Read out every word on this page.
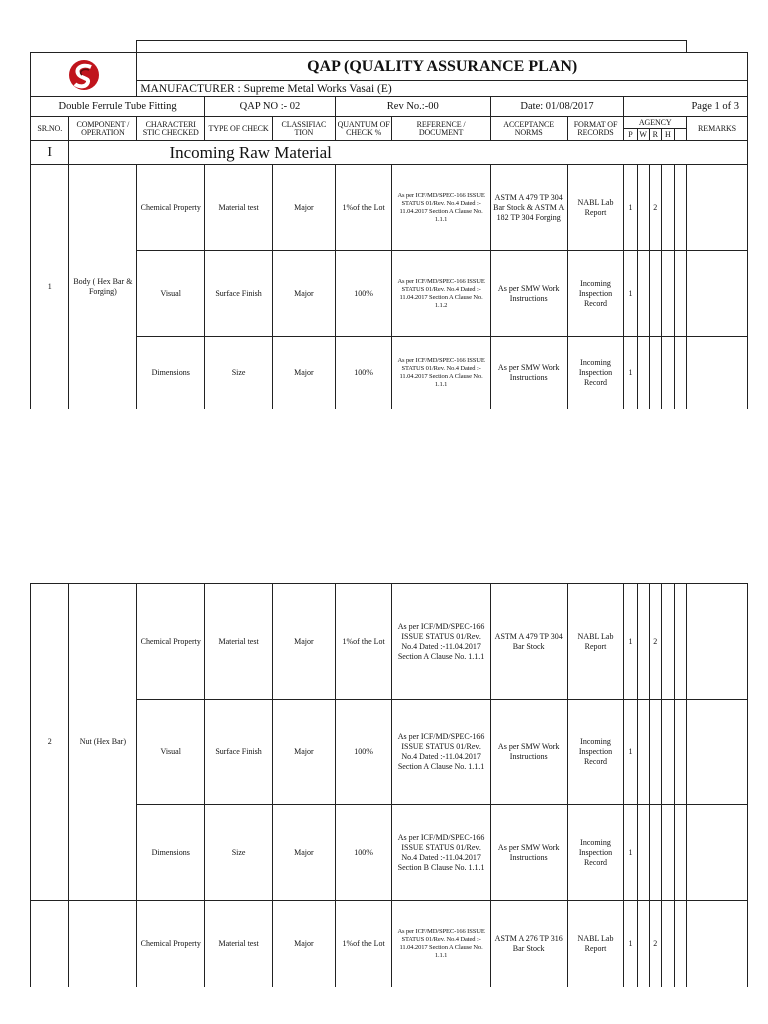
	QAP (QUALITY ASSURANCE PLAN)												
		MANUFACTURER : Supreme Metal Works Vasai (E)												
Double Ferrule Tube Fitting			QAP NO :- 02		Rev No.:-00		Date: 01/08/2017		Page 1 of 3					
SR.NO.	COMPONENT / OPERATION	CHARACTERI STIC CHECKED	TYPE OF CHECK	CLASSIFIAC TION	QUANTUM OF CHECK %	REFERENCE / DOCUMENT	ACCEPTANCE NORMS	FORMAT OF RECORDS	AGENCY					REMARKS
									P	W	R	H		
I	Incoming Raw Material													
1	Body ( Hex Bar & Forging)	Chemical Property	Material test	Major	1%of the Lot	As per ICF/MD/SPEC-166 ISSUE STATUS 01/Rev. No.4 Dated :- 11.04.2017 Section A Clause No. 1.1.1	ASTM A 479 TP 304 Bar Stock & ASTM A 182 TP 304 Forging	NABL Lab Report	1		2			
		Visual	Surface Finish	Major	100%	As per ICF/MD/SPEC-166 ISSUE STATUS 01/Rev. No.4 Dated :- 11.04.2017 Section A Clause No. 1.1.2	As per SMW Work Instructions	Incoming Inspection Record	1					
		Dimensions	Size	Major	100%	As per ICF/MD/SPEC-166 ISSUE STATUS 01/Rev. No.4 Dated :- 11.04.2017 Section A Clause No. 1.1.1	As per SMW Work Instructions	Incoming Inspection Record	1					
2	Nut (Hex Bar)	Chemical Property	Material test	Major	1%of the Lot	As per ICF/MD/SPEC-166 ISSUE STATUS 01/Rev. No.4 Dated :-11.04.2017 Section A Clause No. 1.1.1	ASTM A 479 TP 304 Bar Stock	NABL Lab Report	1		2			
		Visual	Surface Finish	Major	100%	As per ICF/MD/SPEC-166 ISSUE STATUS 01/Rev. No.4 Dated :-11.04.2017 Section A Clause No. 1.1.1	As per SMW Work Instructions	Incoming Inspection Record	1					
		Dimensions	Size	Major	100%	As per ICF/MD/SPEC-166 ISSUE STATUS 01/Rev. No.4 Dated :-11.04.2017 Section B Clause No. 1.1.1	As per SMW Work Instructions	Incoming Inspection Record	1					
		Chemical Property	Material test	Major	1%of the Lot	As per ICF/MD/SPEC-166 ISSUE STATUS 01/Rev. No.4 Dated :- 11.04.2017 Section A Clause No. 1.1.1	ASTM A 276 TP 316 Bar Stock	NABL Lab Report	1		2			
